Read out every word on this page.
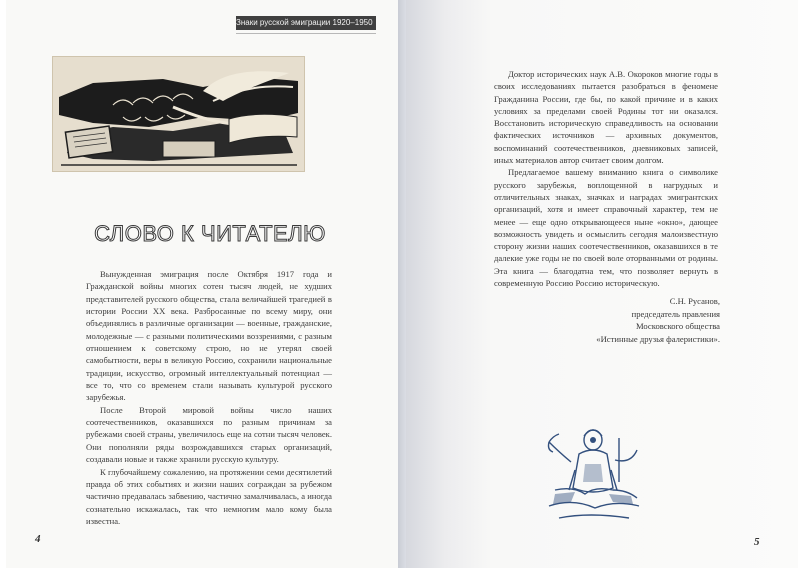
Знаки русской эмиграции 1920–1950
СЛОВО К ЧИТАТЕЛЮ

Вынужденная эмиграция после Октября 1917 года и Гражданской войны многих сотен тысяч людей, не худших представителей русского общества, стала величайшей трагедией в истории России XX века. Разбросанные по всему миру, они объединялись в различные организации — военные, гражданские, молодежные — с разными политическими воззрениями, с разным отношением к советскому строю, но не утерял своей самобытности, веры в великую Россию, сохранили национальные традиции, искусство, огромный интеллектуальный потенциал — все то, что со временем стали называть культурой русского зарубежья.

После Второй мировой войны число наших соотечественников, оказавшихся по разным причинам за рубежами своей страны, увеличилось еще на сотни тысяч человек. Они пополняли ряды возрождавшихся старых организаций, создавали новые и также хранили русскую культуру.

К глубочайшему сожалению, на протяжении семи десятилетий правда об этих событиях и жизни наших сограждан за рубежом частично предавалась забвению, частично замалчивалась, а иногда сознательно искажалась, так что немногим мало кому была известна.

Доктор исторических наук А.В. Окороков многие годы в своих исследованиях пытается разобраться в феномене Гражданина России, где бы, по какой причине и в каких условиях за пределами своей Родины тот ни оказался. Восстановить историческую справедливость на основании фактических источников — архивных документов, воспоминаний соотечественников, дневниковых записей, иных материалов автор считает своим долгом.

Предлагаемое вашему вниманию книга о символике русского зарубежья, воплощенной в нагрудных и отличительных знаках, значках и наградах эмигрантских организаций, хотя и имеет справочный характер, тем не менее — еще одно открывающееся ныне «окно», дающее возможность увидеть и осмыслить сегодня малоизвестную сторону жизни наших соотечественников, оказавшихся в те далекие уже годы не по своей воле оторванными от родины. Эта книга — благодатна тем, что позволяет вернуть в современную Россию Россию историческую.

С.Н. Русанов,
председатель правления
Московского общества
«Истинные друзья фалеристики».
4	5
